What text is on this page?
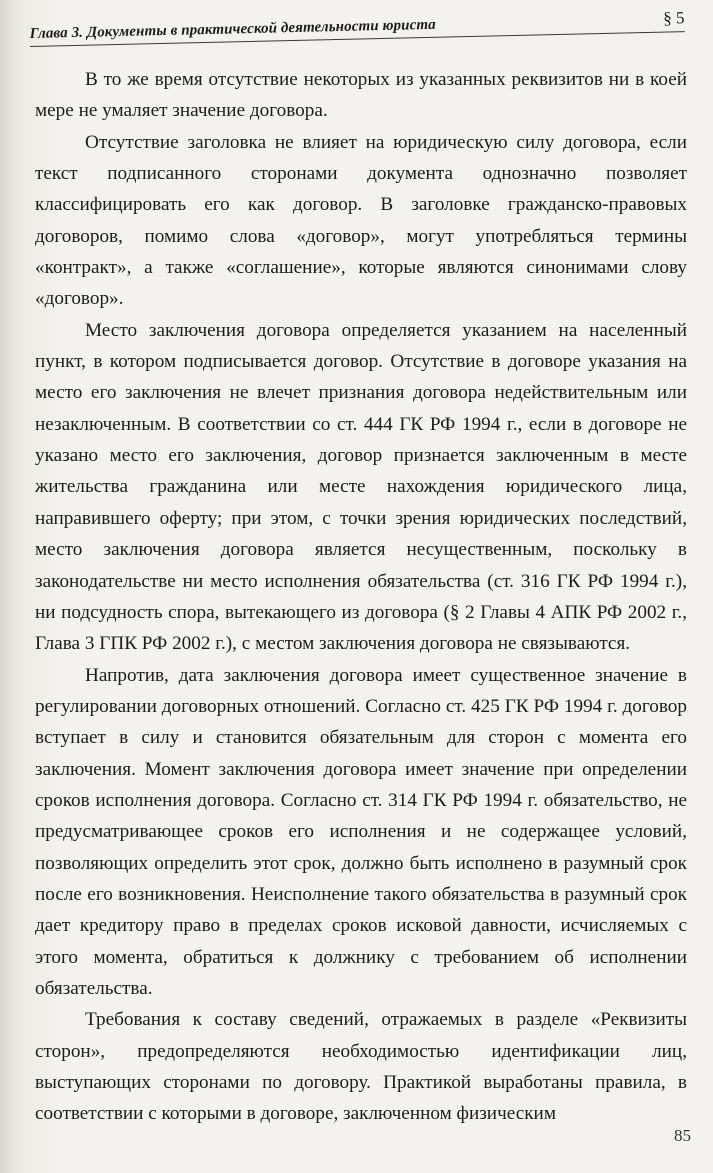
Глава 3. Документы в практической деятельности юриста	§ 5

В то же время отсутствие некоторых из указанных реквизитов ни в коей мере не умаляет значение договора.

Отсутствие заголовка не влияет на юридическую силу договора, если текст подписанного сторонами документа однозначно позволяет классифицировать его как договор. В заголовке гражданско-правовых договоров, помимо слова «договор», могут употребляться термины «контракт», а также «соглашение», которые являются синонимами слову «договор».

Место заключения договора определяется указанием на населенный пункт, в котором подписывается договор. Отсутствие в договоре указания на место его заключения не влечет признания договора недействительным или незаключенным. В соответствии со ст. 444 ГК РФ 1994 г., если в договоре не указано место его заключения, договор признается заключенным в месте жительства гражданина или месте нахождения юридического лица, направившего оферту; при этом, с точки зрения юридических последствий, место заключения договора является несущественным, поскольку в законодательстве ни место исполнения обязательства (ст. 316 ГК РФ 1994 г.), ни подсудность спора, вытекающего из договора (§ 2 Главы 4 АПК РФ 2002 г., Глава 3 ГПК РФ 2002 г.), с местом заключения договора не связываются.

Напротив, дата заключения договора имеет существенное значение в регулировании договорных отношений. Согласно ст. 425 ГК РФ 1994 г. договор вступает в силу и становится обязательным для сторон с момента его заключения. Момент заключения договора имеет значение при определении сроков исполнения договора. Согласно ст. 314 ГК РФ 1994 г. обязательство, не предусматривающее сроков его исполнения и не содержащее условий, позволяющих определить этот срок, должно быть исполнено в разумный срок после его возникновения. Неисполнение такого обязательства в разумный срок дает кредитору право в пределах сроков исковой давности, исчисляемых с этого момента, обратиться к должнику с требованием об исполнении обязательства.

Требования к составу сведений, отражаемых в разделе «Реквизиты сторон», предопределяются необходимостью идентификации лиц, выступающих сторонами по договору. Практикой выработаны правила, в соответствии с которыми в договоре, заключенном физическим

85
